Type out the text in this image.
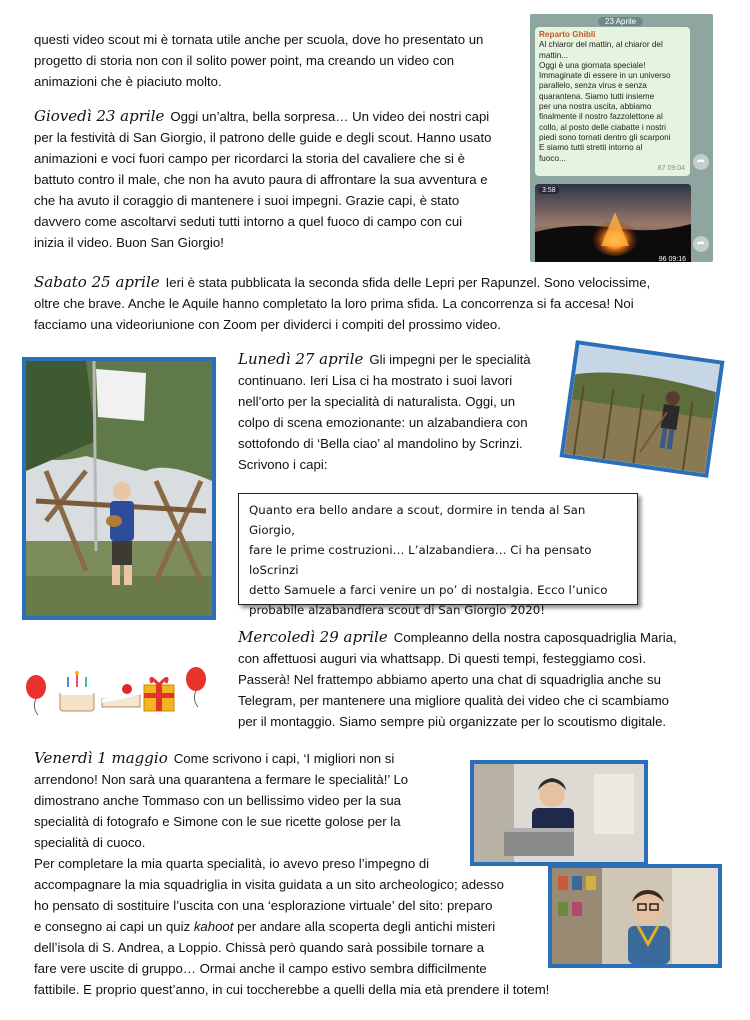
questi video scout mi è tornata utile anche per scuola, dove ho presentato un
progetto di storia non con il solito power point, ma creando un video con
animazioni che è piaciuto molto.
Giovedì 23 aprile Oggi un’altra, bella sorpresa… Un video dei nostri capi
per la festività di San Giorgio, il patrono delle guide e degli scout. Hanno usato
animazioni e voci fuori campo per ricordarci la storia del cavaliere che si è
battuto contro il male, che non ha avuto paura di affrontare la sua avventura e
che ha avuto il coraggio di mantenere i suoi impegni. Grazie capi, è stato
davvero come ascoltarvi seduti tutti intorno a quel fuoco di campo con cui
inizia il video. Buon San Giorgio!
23 Aprile
Reparto Ghibli
Al chiaror del mattin, al chiaror del
mattin...
Oggi è una giornata speciale!
Immaginate di essere in un universo
parallelo, senza virus e senza
quarantena. Siamo tutti insieme
per una nostra uscita, abbiamo
finalmente il nostro fazzolettone al
collo, al posto delle ciabatte i nostri
piedi sono tornati dentro gli scarponi
E siamo tutti stretti intorno al
fuoco...
87 09:04
➦
3:58
96 09:16
➦
Sabato 25 aprile Ieri è stata pubblicata la seconda sfida delle Lepri per Rapunzel. Sono velocissime,
oltre che brave. Anche le Aquile hanno completato la loro prima sfida. La concorrenza si fa accesa! Noi
facciamo una videoriunione con Zoom per dividerci i compiti del prossimo video.
Lunedì 27 aprile Gli impegni per le specialità
continuano. Ieri Lisa ci ha mostrato i suoi lavori
nell’orto per la specialità di naturalista. Oggi, un
colpo di scena emozionante: un alzabandiera con
sottofondo di ‘Bella ciao’ al mandolino by Scrinzi.
Scrivono i capi:
Quanto era bello andare a scout, dormire in tenda al San Giorgio,
fare le prime costruzioni… L’alzabandiera… Ci ha pensato loScrinzi
detto Samuele a farci venire un po’ di nostalgia. Ecco l’unico
probabile alzabandiera scout di San Giorgio 2020!
Mercoledì 29 aprile Compleanno della nostra caposquadriglia Maria,
con affettuosi auguri via whattsapp. Di questi tempi, festeggiamo così.
Passerà! Nel frattempo abbiamo aperto una chat di squadriglia anche su
Telegram, per mantenere una migliore qualità dei video che ci scambiamo
per il montaggio. Siamo sempre più organizzate per lo scoutismo digitale.
Venerdì 1 maggio Come scrivono i capi, ‘I migliori non si
arrendono! Non sarà una quarantena a fermare le specialità!’ Lo
dimostrano anche Tommaso con un bellissimo video per la sua
specialità di fotografo e Simone con le sue ricette golose per la
specialità di cuoco.
Per completare la mia quarta specialità, io avevo preso l’impegno di
accompagnare la mia squadriglia in visita guidata a un sito archeologico; adesso
ho pensato di sostituire l’uscita con una ‘esplorazione virtuale’ del sito: preparo
e consegno ai capi un quiz kahoot per andare alla scoperta degli antichi misteri
dell’isola di S. Andrea, a Loppio. Chissà però quando sarà possibile tornare a
fare vere uscite di gruppo… Ormai anche il campo estivo sembra difficilmente
fattibile. E proprio quest’anno, in cui toccherebbe a quelli della mia età prendere il totem!
